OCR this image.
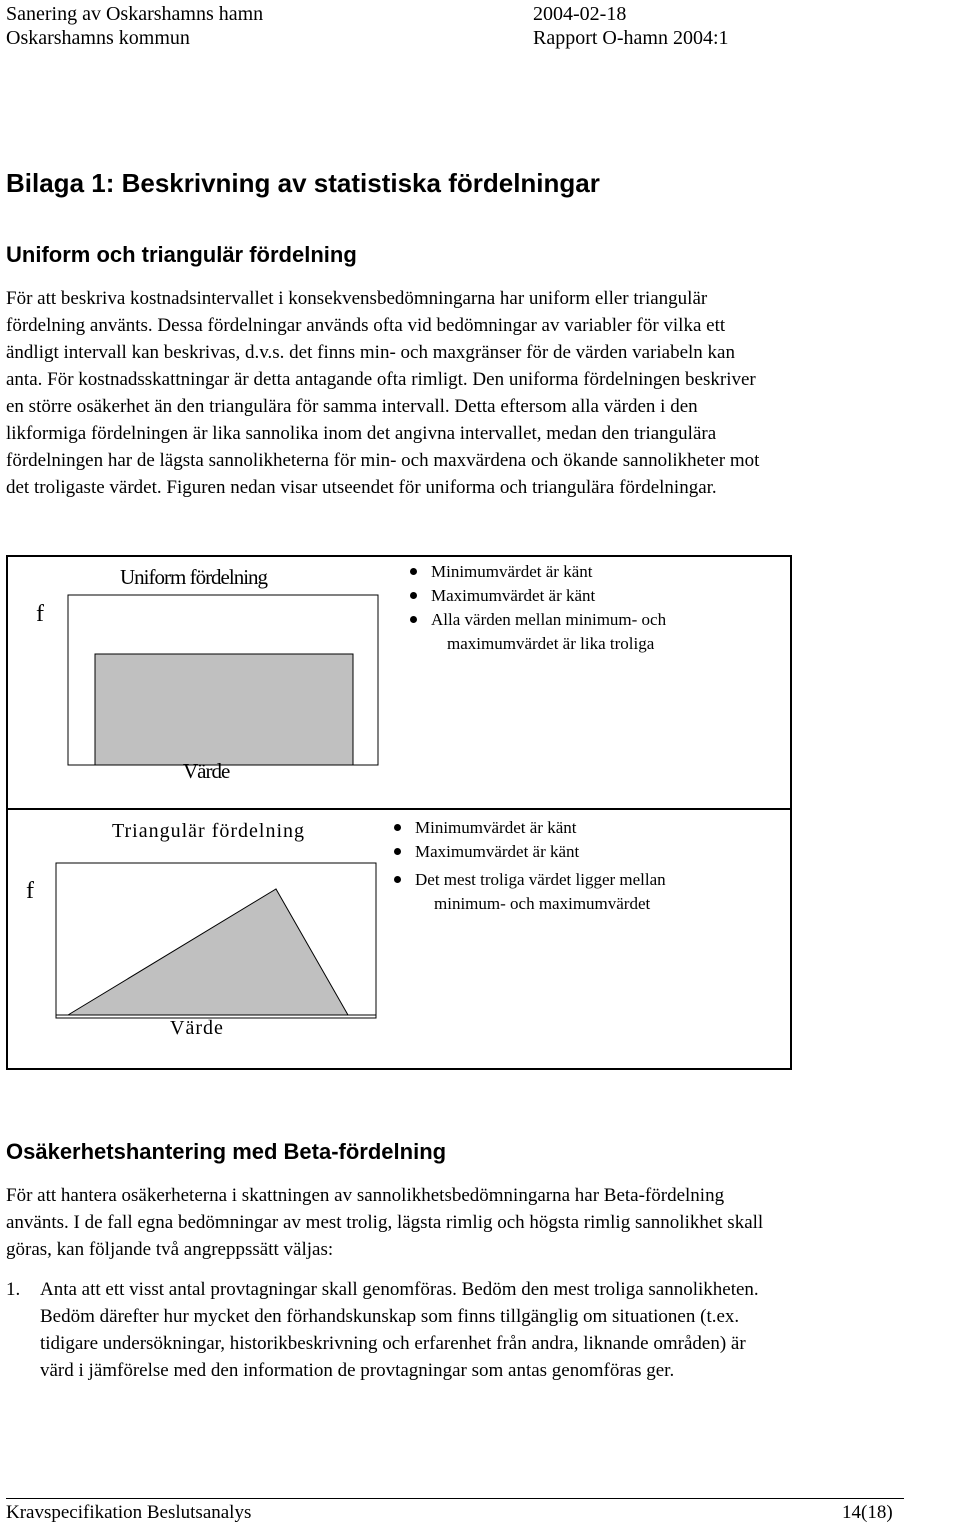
Sanering av Oskarshamns hamn
Oskarshamns kommun
2004-02-18
Rapport O-hamn 2004:1
Bilaga 1: Beskrivning av statistiska fördelningar
Uniform och triangulär fördelning

För att beskriva kostnadsintervallet i konsekvensbedömningarna har uniform eller triangulär

fördelning använts. Dessa fördelningar används ofta vid bedömningar av variabler för vilka ett

ändligt intervall kan beskrivas, d.v.s. det finns min- och maxgränser för de värden variabeln kan

anta. För kostnadsskattningar är detta antagande ofta rimligt. Den uniforma fördelningen beskriver

en större osäkerhet än den triangulära för samma intervall. Detta eftersom alla värden i den

likformiga fördelningen är lika sannolika inom det angivna intervallet, medan den triangulära

fördelningen har de lägsta sannolikheterna för min- och maxvärdena och ökande sannolikheter mot

det troligaste värdet. Figuren nedan visar utseendet för uniforma och triangulära fördelningar.

f
Uniform fördelning
Värde
Minimumvärdet är känt
Maximumvärdet är känt
Alla värden mellan minimum- och
maximumvärdet är lika troliga
f
Triangulär fördelning
Värde
Minimumvärdet är känt
Maximumvärdet är känt
Det mest troliga värdet ligger mellan
minimum- och maximumvärdet
Osäkerhetshantering med Beta-fördelning

För att hantera osäkerheterna i skattningen av sannolikhetsbedömningarna har Beta-fördelning

använts. I de fall egna bedömningar av mest trolig, lägsta rimlig och högsta rimlig sannolikhet skall

göras, kan följande två angreppssätt väljas:

1. Anta att ett visst antal provtagningar skall genomföras. Bedöm den mest troliga sannolikheten.

Bedöm därefter hur mycket den förhandskunskap som finns tillgänglig om situationen (t.ex.

tidigare undersökningar, historikbeskrivning och erfarenhet från andra, liknande områden) är

värd i jämförelse med den information de provtagningar som antas genomföras ger.

Kravspecifikation Beslutsanalys	14(18)
